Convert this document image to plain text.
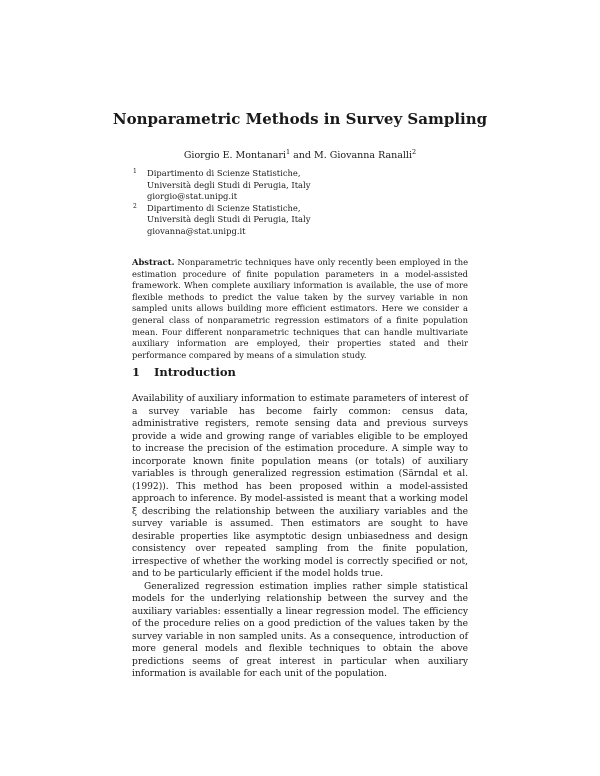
Nonparametric Methods in Survey Sampling
Giorgio E. Montanari$^1$ and M. Giovanna Ranalli$^2$
1 Dipartimento di Scienze Statistiche,
Università degli Studi di Perugia, Italy
giorgio@stat.unipg.it
2 Dipartimento di Scienze Statistiche,
Università degli Studi di Perugia, Italy
giovanna@stat.unipg.it
Abstract. Nonparametric techniques have only recently been employed in the estimation procedure of finite population parameters in a model-assisted framework. When complete auxiliary information is available, the use of more flexible methods to predict the value taken by the survey variable in non sampled units allows building more efficient estimators. Here we consider a general class of nonparametric regression estimators of a finite population mean. Four different nonparametric techniques that can handle multivariate auxiliary information are employed, their properties stated and their performance compared by means of a simulation study.
1 Introduction

Availability of auxiliary information to estimate parameters of interest of a survey variable has become fairly common: census data, administrative registers, remote sensing data and previous surveys provide a wide and growing range of variables eligible to be employed to increase the precision of the estimation procedure. A simple way to incorporate known finite population means (or totals) of auxiliary variables is through generalized regression estimation (Särndal et al. (1992)). This method has been proposed within a model-assisted approach to inference. By model-assisted is meant that a working model ξ describing the relationship between the auxiliary variables and the survey variable is assumed. Then estimators are sought to have desirable properties like asymptotic design unbiasedness and design consistency over repeated sampling from the finite population, irrespective of whether the working model is correctly specified or not, and to be particularly efficient if the model holds true.

Generalized regression estimation implies rather simple statistical models for the underlying relationship between the survey and the auxiliary variables: essentially a linear regression model. The efficiency of the procedure relies on a good prediction of the values taken by the survey variable in non sampled units. As a consequence, introduction of more general models and flexible techniques to obtain the above predictions seems of great interest in particular when auxiliary information is available for each unit of the population.
